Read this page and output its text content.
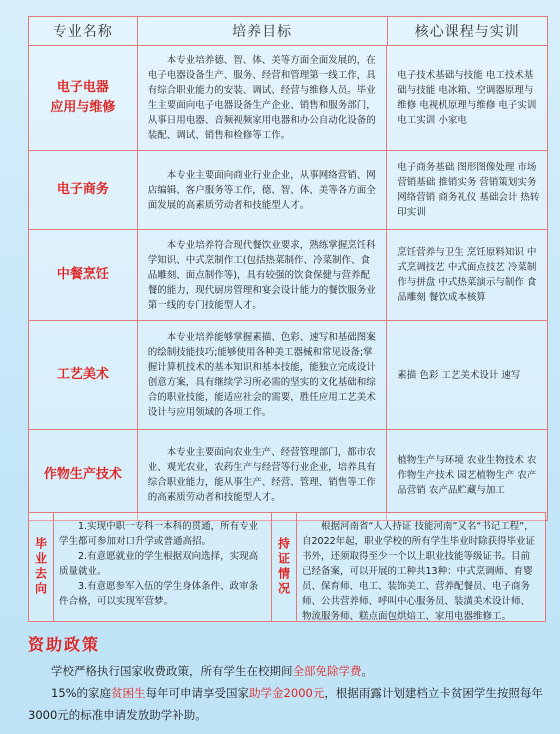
专业名称	培养目标	核心课程与实训
电子电器
应用与维修
本专业培养德、智、体、美等方面全面发展的，在电子电器设备生产、服务、经营和管理第一线工作，具有综合职业能力的安装、调试、经营与维修人员。毕业生主要面向电子电器设备生产企业、销售和服务部门，从事日用电器、音频视频家用电器和办公自动化设备的装配、调试、销售和检修等工作。
电子技术基础与技能 电工技术基础与技能 电冰箱、空调器原理与维修 电视机原理与维修 电子实训 电工实训 小家电
电子商务
本专业主要面向商业行业企业，从事网络营销、网店编辑、客户服务等工作，德、智、体、美等各方面全面发展的高素质劳动者和技能型人才。
电子商务基础 图形图像处理 市场营销基础 推销实务 营销策划实务 网络营销 商务礼仪 基础会计 热转印实训
中餐烹饪
本专业培养符合现代餐饮业要求，熟练掌握烹饪科学知识、中式烹制作工(包括热菜制作、冷菜制作、食品雕刻、面点制作等)，具有较强的饮食保健与营养配餐的能力，现代厨房管理和宴会设计能力的餐饮服务业第一线的专门技能型人才。
烹饪营养与卫生 烹饪原料知识 中式烹调技艺 中式面点技艺 冷菜制作与拼盘 中式热菜演示与制作 食品雕刻 餐饮成本核算
工艺美术
本专业培养能够掌握素描、色彩、速写和基础图案的绘制技能技巧;能够使用各种美工器械和常见设备;掌握计算机技术的基本知识和基本技能，能独立完成设计创意方案，具有继续学习所必需的坚实的文化基础和综合的职业技能，能适应社会的需要，胜任应用工艺美术设计与应用领域的各项工作。
素描 色彩 工艺美术设计 速写
作物生产技术
本专业主要面向农业生产、经营管理部门，都市农业、观光农业，农药生产与经营等行业企业，培养具有综合职业能力，能从事生产、经营、管理、销售等工作的高素质劳动者和技能型人才。
植物生产与环境 农业生物技术 农作物生产技术 园艺植物生产 农产品营销 农产品贮藏与加工
毕业去向

1.实现中职一专科一本科的贯通，所有专业学生都可参加对口升学或普通高招。

2.有意愿就业的学生根据双向选择，实现高质量就业。

3.有意愿参军入伍的学生身体条件、政审条件合格，可以实现军营梦。

持证情况

根据河南省“人人持证 技能河南”又名“书记工程”，自2022年起，职业学校的所有学生毕业时除获得毕业证书外，还须取得至少一个以上职业技能等级证书。目前已经备案，可以开展的工种共13种：中式烹调师、育婴员、保育师、电工、装饰美工、营养配餐员、电子商务师、公共营养师、呼叫中心服务员、装潢美术设计师、物流服务师、糕点面包烘焙工、家用电器维修工。

资助政策

学校严格执行国家收费政策，所有学生在校期间全部免除学费。

15%的家庭贫困生每年可申请享受国家助学金2000元，根据雨露计划建档立卡贫困学生按照每年3000元的标准申请发放助学补助。
